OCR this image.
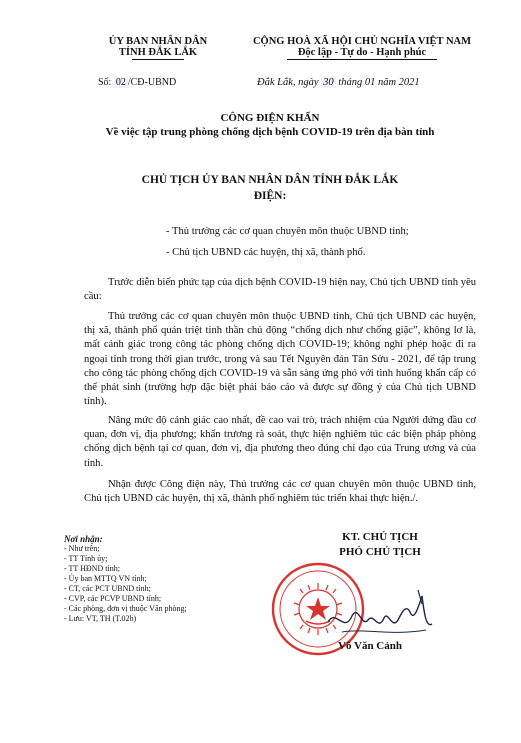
ỦY BAN NHÂN DÂN
TỈNH ĐẮK LẮK
CỘNG HOÀ XÃ HỘI CHỦ NGHĨA VIỆT NAM
Độc lập - Tự do - Hạnh phúc
Số: 02 /CĐ-UBND	Đắk Lắk, ngày 30 tháng 01 năm 2021
CÔNG ĐIỆN KHẨN
Về việc tập trung phòng chống dịch bệnh COVID-19 trên địa bàn tỉnh
CHỦ TỊCH ỦY BAN NHÂN DÂN TỈNH ĐẮK LẮK
ĐIỆN:
- Thủ trưởng các cơ quan chuyên môn thuộc UBND tỉnh;
- Chủ tịch UBND các huyện, thị xã, thành phố.
Trước diễn biến phức tạp của dịch bệnh COVID-19 hiện nay, Chủ tịch UBND tỉnh yêu cầu:
Thủ trưởng các cơ quan chuyên môn thuộc UBND tỉnh, Chủ tịch UBND các huyện, thị xã, thành phố quán triệt tinh thần chủ động “chống dịch như chống giặc”, không lơ là, mất cảnh giác trong công tác phòng chống dịch COVID-19; không nghỉ phép hoặc đi ra ngoại tỉnh trong thời gian trước, trong và sau Tết Nguyên đán Tân Sửu - 2021, để tập trung cho công tác phòng chống dịch COVID-19 và sẵn sàng ứng phó với tình huống khẩn cấp có thể phát sinh (trường hợp đặc biệt phải báo cáo và được sự đồng ý của Chủ tịch UBND tỉnh).
Nâng mức độ cảnh giác cao nhất, đề cao vai trò, trách nhiệm của Người đứng đầu cơ quan, đơn vị, địa phương; khẩn trương rà soát, thực hiện nghiêm túc các biện pháp phòng chống dịch bệnh tại cơ quan, đơn vị, địa phương theo đúng chỉ đạo của Trung ương và của tỉnh.
Nhận được Công điện này, Thủ trưởng các cơ quan chuyên môn thuộc UBND tỉnh, Chủ tịch UBND các huyện, thị xã, thành phố nghiêm túc triển khai thực hiện./.
Nơi nhận:
- Như trên;
- TT Tỉnh ủy;
- TT HĐND tỉnh;
- Ủy ban MTTQ VN tỉnh;
- CT, các PCT UBND tỉnh;
- CVP, các PCVP UBND tỉnh;
- Các phòng, đơn vị thuộc Văn phòng;
- Lưu: VT, TH (T.02b)
KT. CHỦ TỊCH
PHÓ CHỦ TỊCH
Võ Văn Cảnh
